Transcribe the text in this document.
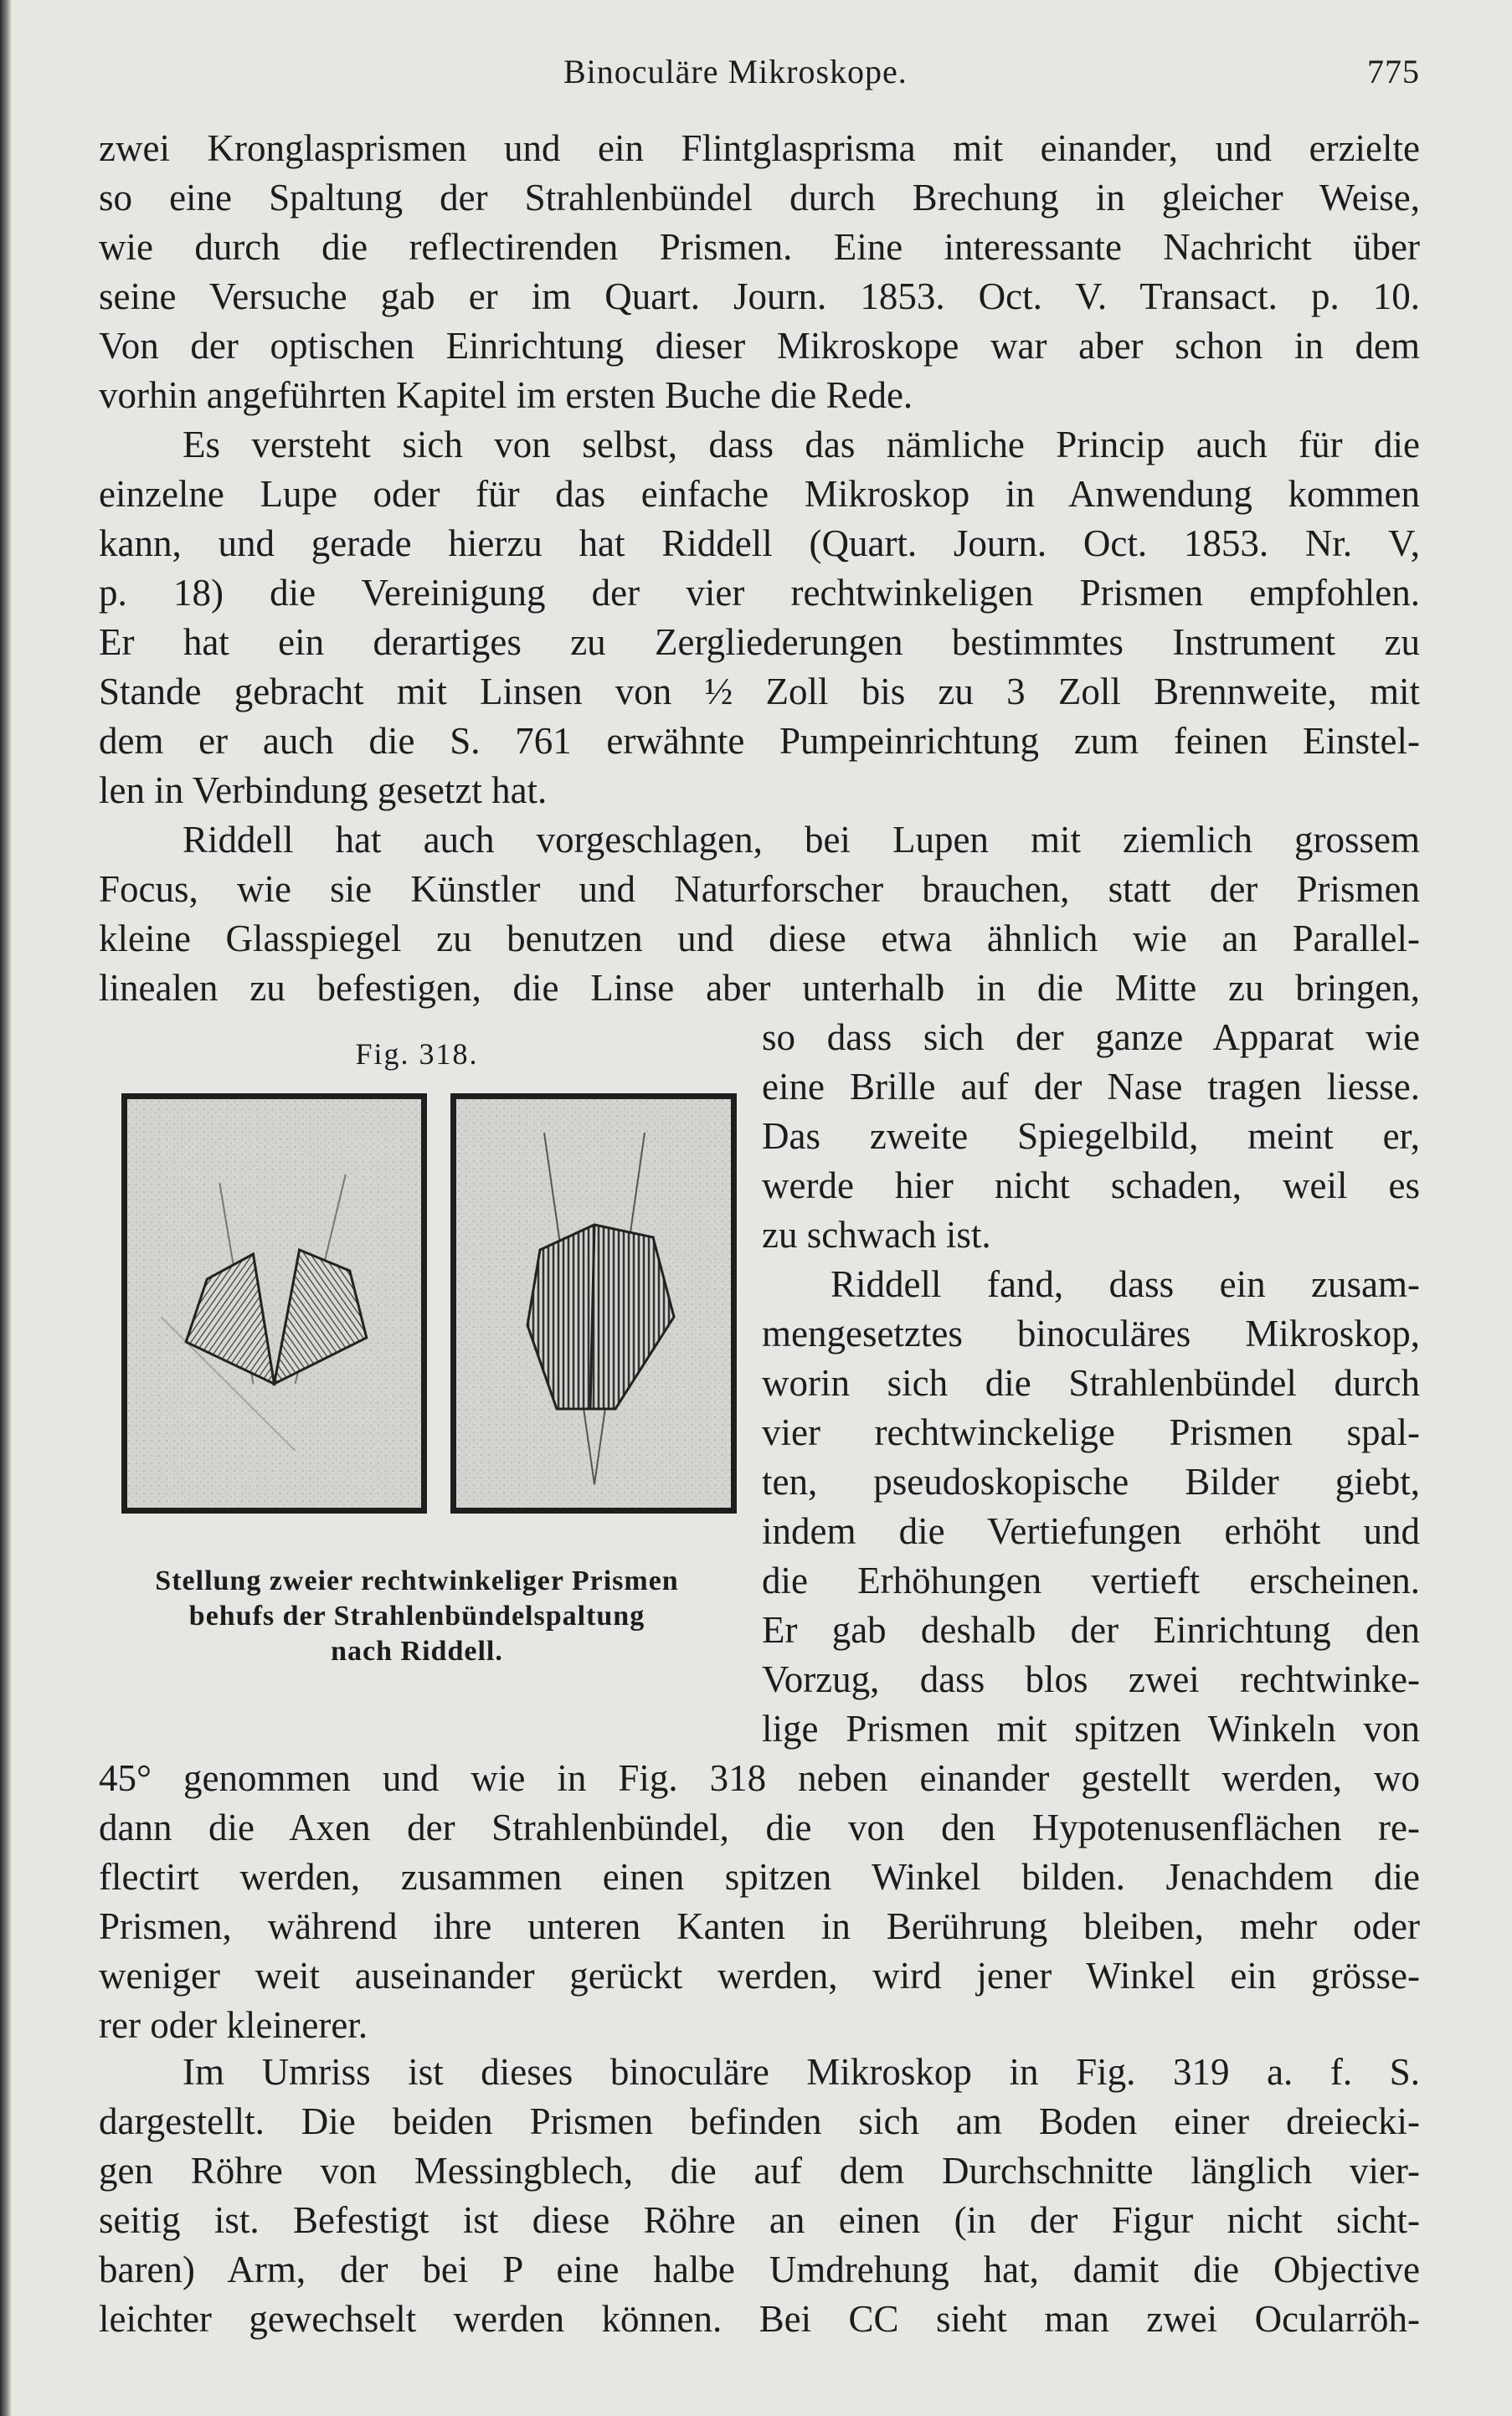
Binoculäre Mikroskope.	775
zwei Kronglasprismen und ein Flintglasprisma mit einander, und erzielte
so eine Spaltung der Strahlenbündel durch Brechung in gleicher Weise,
wie durch die reflectirenden Prismen. Eine interessante Nachricht über
seine Versuche gab er im Quart. Journ. 1853. Oct. V. Transact. p. 10.
Von der optischen Einrichtung dieser Mikroskope war aber schon in dem
vorhin angeführten Kapitel im ersten Buche die Rede.
Es versteht sich von selbst, dass das nämliche Princip auch für die
einzelne Lupe oder für das einfache Mikroskop in Anwendung kommen
kann, und gerade hierzu hat Riddell (Quart. Journ. Oct. 1853. Nr. V,
p. 18) die Vereinigung der vier rechtwinkeligen Prismen empfohlen.
Er hat ein derartiges zu Zergliederungen bestimmtes Instrument zu
Stande gebracht mit Linsen von ½ Zoll bis zu 3 Zoll Brennweite, mit
dem er auch die S. 761 erwähnte Pumpeinrichtung zum feinen Einstel-
len in Verbindung gesetzt hat.
Riddell hat auch vorgeschlagen, bei Lupen mit ziemlich grossem
Focus, wie sie Künstler und Naturforscher brauchen, statt der Prismen
kleine Glasspiegel zu benutzen und diese etwa ähnlich wie an Parallel-
linealen zu befestigen, die Linse aber unterhalb in die Mitte zu bringen,
so dass sich der ganze Apparat wie
eine Brille auf der Nase tragen liesse.
Das zweite Spiegelbild, meint er,
werde hier nicht schaden, weil es
zu schwach ist.
Riddell fand, dass ein zusam-
mengesetztes binoculäres Mikroskop,
worin sich die Strahlenbündel durch
vier rechtwinckelige Prismen spal-
ten, pseudoskopische Bilder giebt,
indem die Vertiefungen erhöht und
die Erhöhungen vertieft erscheinen.
Er gab deshalb der Einrichtung den
Vorzug, dass blos zwei rechtwinke-
lige Prismen mit spitzen Winkeln von
45° genommen und wie in Fig. 318 neben einander gestellt werden, wo
dann die Axen der Strahlenbündel, die von den Hypotenusenflächen re-
flectirt werden, zusammen einen spitzen Winkel bilden. Jenachdem die
Prismen, während ihre unteren Kanten in Berührung bleiben, mehr oder
weniger weit auseinander gerückt werden, wird jener Winkel ein grösse-
rer oder kleinerer.
Im Umriss ist dieses binoculäre Mikroskop in Fig. 319 a. f. S.
dargestellt. Die beiden Prismen befinden sich am Boden einer dreiecki-
gen Röhre von Messingblech, die auf dem Durchschnitte länglich vier-
seitig ist. Befestigt ist diese Röhre an einen (in der Figur nicht sicht-
baren) Arm, der bei P eine halbe Umdrehung hat, damit die Objective
leichter gewechselt werden können. Bei CC sieht man zwei Ocularröh-
Fig. 318.
Stellung zweier rechtwinkeliger Prismen
behufs der Strahlenbündelspaltung
nach Riddell.
